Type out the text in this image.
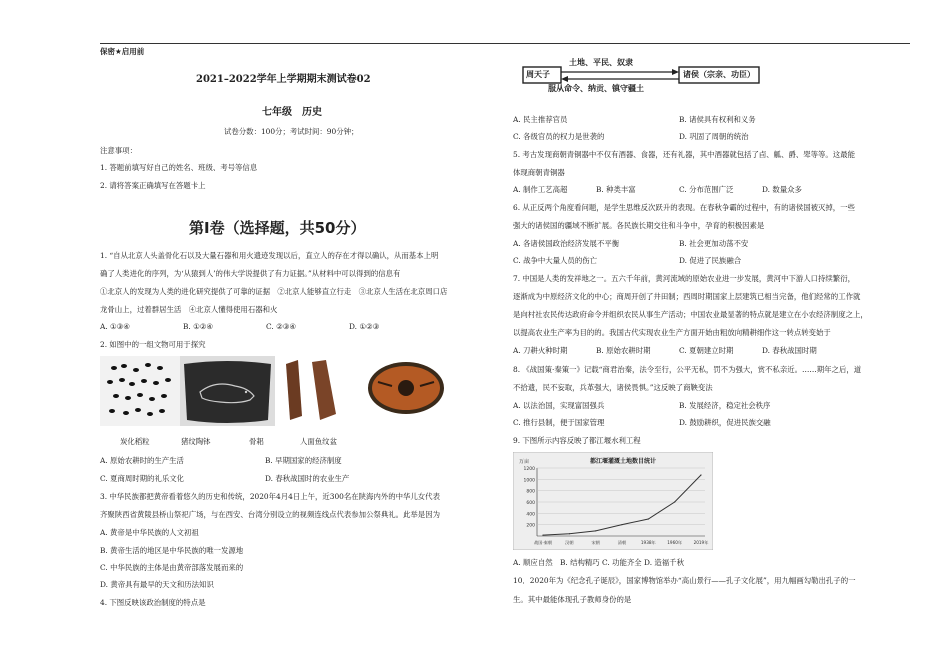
保密★启用前
2021–2022学年上学期期末测试卷02
七年级　历史
试卷分数：100分；考试时间：90分钟；
注意事项：
1. 答题前填写好自己的姓名、班级、考号等信息
2. 请将答案正确填写在答题卡上
第Ⅰ卷（选择题，共50分）
1. “自从北京人头盖骨化石以及大量石器和用火遗迹发现以后，直立人的存在才得以确认，从而基本上明
确了人类进化的序列，为‘从猿到人’的伟大学说提供了有力证据。”从材料中可以得到的信息有
①北京人的发现为人类的进化研究提供了可靠的证据　②北京人能够直立行走　③北京人生活在北京周口店
龙骨山上，过着群居生活　④北京人懂得使用石器和火
A. ①③④	B. ①②④	C. ②③④	D. ①②③
2. 如图中的一组文物可用于探究
炭化稻粒	猪纹陶钵	骨耜	人面鱼纹盆
A. 原始农耕时的生产生活	B. 早期国家的经济制度
C. 夏商周时期的礼乐文化	D. 春秋战国时的农业生产
3. 中华民族都把黄帝看着悠久的历史和传统，2020年4月4日上午，近300名在陕海内外的中华儿女代表
齐聚陕西省黄陵县桥山祭祀广场，与在西安、台湾分别设立的视频连线点代表参加公祭典礼。此举是因为
A. 黄帝是中华民族的人文初祖
B. 黄帝生活的地区是中华民族的唯一发源地
C. 中华民族的主体是由黄帝部落发展而来的
D. 黄帝具有最早的天文和历法知识
4. 下图反映该政治制度的特点是
周天子
土地、平民、奴隶
服从命令、纳贡、镇守疆土
诸侯（宗亲、功臣）
A. 民主推荐官员	B. 诸侯具有权利和义务
C. 各级官员的权力是世袭的	D. 巩固了周朝的统治
5. 考古发现商朝青铜器中不仅有酒器、食器，还有礼器，其中酒器就包括了卣、觚、爵、斝等等。这最能
体现商朝青铜器
A. 制作工艺高超	B. 种类丰富	C. 分布范围广泛	D. 数量众多
6. 从正反两个角度看问题，是学生思维反次跃升的表现。在春秋争霸的过程中，有的诸侯国被灭掉，一些
强大的诸侯国的疆域不断扩展。各民族长期交往和斗争中，孕育的积极因素是
A. 各诸侯国政治经济发展不平衡	B. 社会更加动荡不安
C. 战争中大量人员的伤亡	D. 促进了民族融合
7. 中国是人类的发祥地之一。五六千年前，黄河流域的原始农业进一步发展，黄河中下游人口持续繁衍，
逐渐成为中原经济文化的中心；商周开创了井田制；西周时期国家上层建筑已相当完备，他们经常的工作就
是向村社农民传达政府命令并组织农民从事生产活动；中国农业最显著的特点就是建立在小农经济制度之上，
以提高农业生产率为目的的。我国古代实现农业生产方面开始由粗放向精耕细作这一转点转变始于
A. 刀耕火种时期	B. 原始农耕时期	C. 夏朝建立时期	D. 春秋战国时期
8. 《战国策·秦策一》记载“商君治秦，法令至行，公平无私，罚不为强大，赏不私亲近。……期年之后，道
不拾遗，民不妄取，兵革强大，诸侯畏惧。”这反映了商鞅变法
A. 以法治国，实现富国强兵	B. 发展经济，稳定社会秩序
C. 推行县制，便于国家管理	D. 鼓励耕织，促进民族交融
9. 下图所示内容反映了都江堰水利工程
都江堰灌溉土地数目统计
万亩
1200
1000
800
600
400
200
战国·秦朝	汉朝	宋朝	清朝	1938年	1960年	2019年
A. 顺应自然　B. 结构精巧 C. 功能齐全 D. 造福千秋
10．2020年为《纪念孔子诞辰》，国家博物馆举办“高山景行——孔子文化展”，用九幅画勾勒出孔子的一
生。其中最能体现孔子教师身份的是
